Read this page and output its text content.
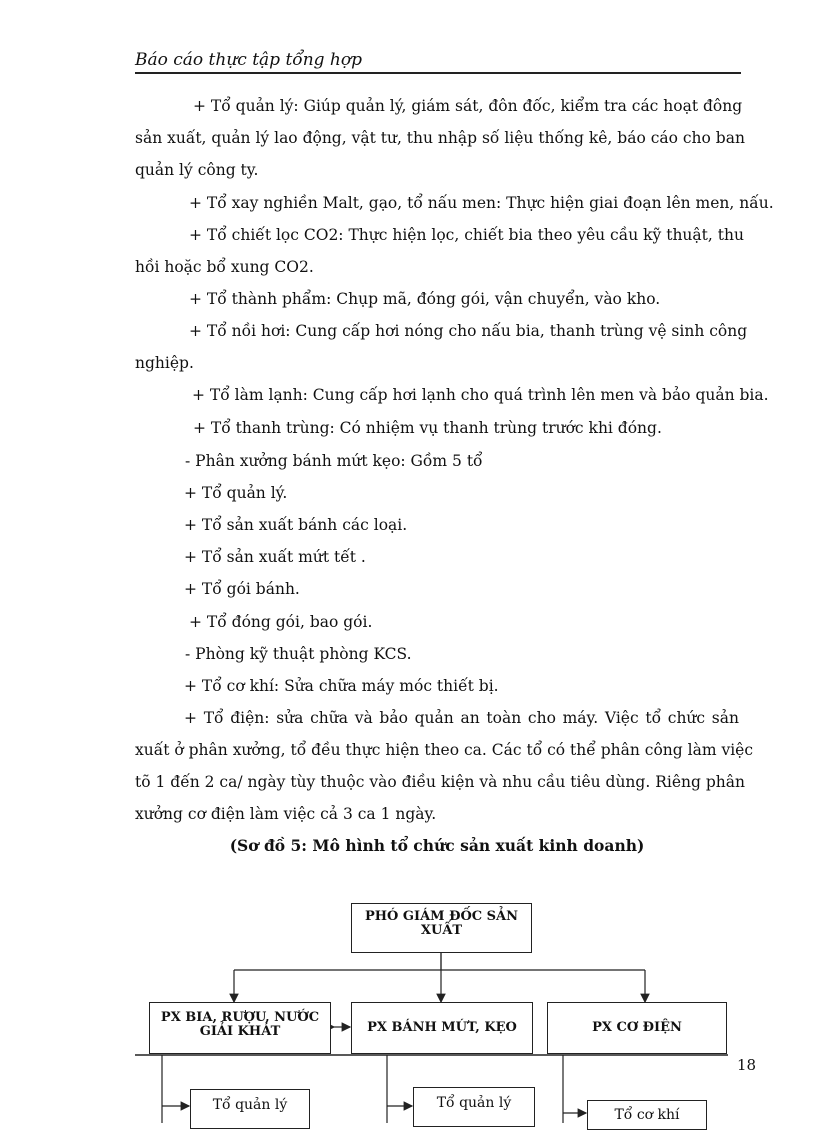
Báo cáo thực tập tổng hợp
+ Tổ quản lý: Giúp quản lý, giám sát, đôn đốc, kiểm tra các hoạt đông
sản xuất, quản lý lao động, vật tư, thu nhập số liệu thống kê, báo cáo cho ban
quản lý công ty.
+ Tổ xay nghiền Malt, gạo, tổ nấu men: Thực hiện giai đoạn lên men, nấu.
+ Tổ chiết lọc CO2: Thực hiện lọc, chiết bia theo yêu cầu kỹ thuật, thu
hồi hoặc bổ xung CO2.
+ Tổ thành phẩm: Chụp mã, đóng gói, vận chuyển, vào kho.
+ Tổ nồi hơi: Cung cấp hơi nóng cho nấu bia, thanh trùng vệ sinh công
nghiệp.
+ Tổ làm lạnh: Cung cấp hơi lạnh cho quá trình lên men và bảo quản bia.
+ Tổ thanh trùng: Có nhiệm vụ thanh trùng trước khi đóng.
- Phân xưởng bánh mứt kẹo: Gồm 5 tổ
+ Tổ quản lý.
+ Tổ sản xuất bánh các loại.
+ Tổ sản xuất mứt tết .
+ Tổ gói bánh.
+ Tổ đóng gói, bao gói.
- Phòng kỹ thuật phòng KCS.
+ Tổ cơ khí: Sửa chữa máy móc thiết bị.
+ Tổ điện: sửa chữa và bảo quản an toàn cho máy. Việc tổ chức sản
xuất ở phân xưởng, tổ đều thực hiện theo ca. Các tổ có thể phân công làm việc
tõ 1 đến 2 ca/ ngày tùy thuộc vào điều kiện và nhu cầu tiêu dùng. Riêng phân
xưởng cơ điện làm việc cả 3 ca 1 ngày.
(Sơ đồ 5: Mô hình tổ chức sản xuất kinh doanh)
PHÓ GIÁM ĐỐC SẢN
XUẤT
PX BIA, RƯỢU, NƯỚC
GIẢI KHÁT	PX BÁNH MỨT, KẸO	PX CƠ ĐIỆN
Tổ quản lý	Tổ quản lý
Tổ cơ khí
18
